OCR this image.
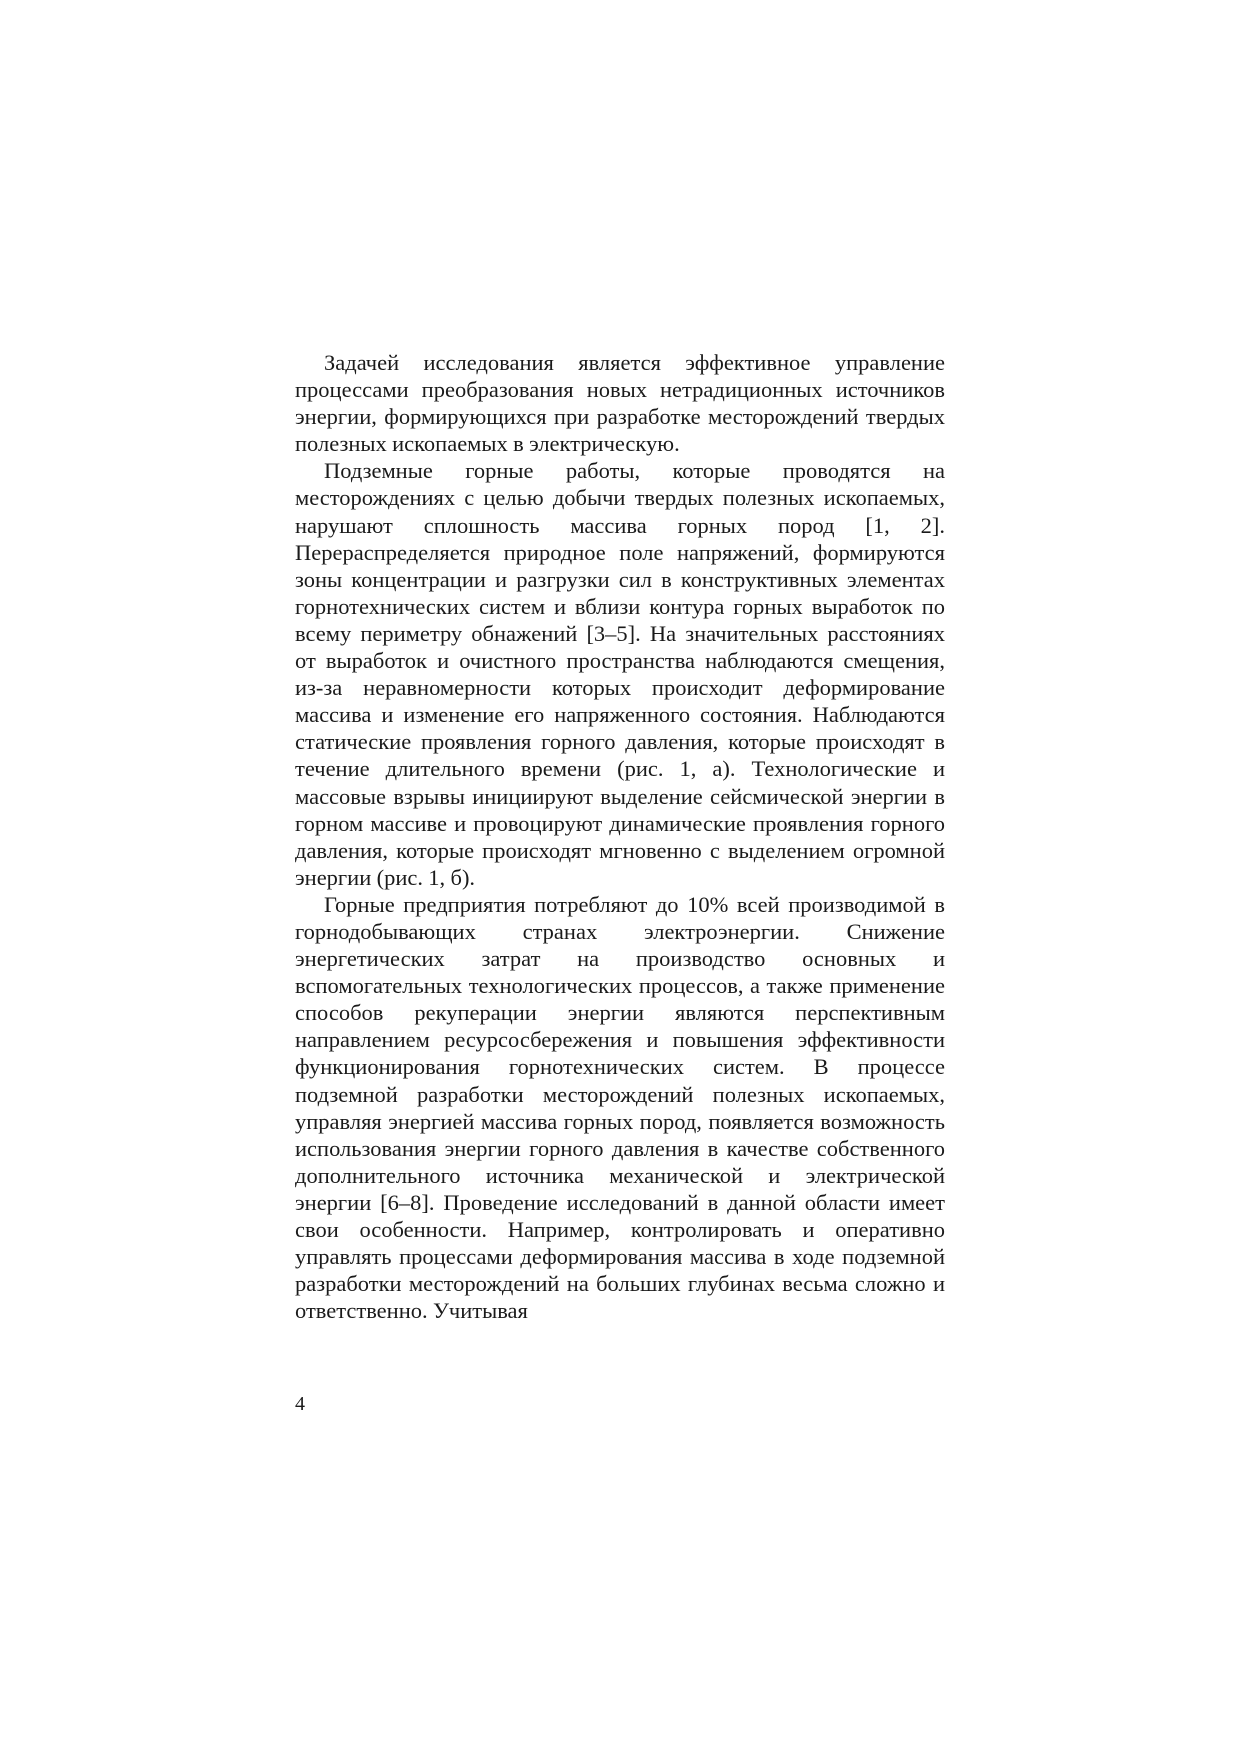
Задачей исследования является эффективное управление процессами преобразования новых нетрадиционных источников энергии, формирующихся при разработке месторождений твердых полезных ископаемых в электрическую.

Подземные горные работы, которые проводятся на месторождениях с целью добычи твердых полезных ископаемых, нарушают сплошность массива горных пород [1, 2]. Перераспределяется природное поле напряжений, формируются зоны концентрации и разгрузки сил в конструктивных элементах горнотехнических систем и вблизи контура горных выработок по всему периметру обнажений [3–5]. На значительных расстояниях от выработок и очистного пространства наблюдаются смещения, из-за неравномерности которых происходит деформирование массива и изменение его напряженного состояния. Наблюдаются статические проявления горного давления, которые происходят в течение длительного времени (рис. 1, а). Технологические и массовые взрывы инициируют выделение сейсмической энергии в горном массиве и провоцируют динамические проявления горного давления, которые происходят мгновенно с выделением огромной энергии (рис. 1, б).

Горные предприятия потребляют до 10% всей производимой в горнодобывающих странах электроэнергии. Снижение энергетических затрат на производство основных и вспомогательных технологических процессов, а также применение способов рекуперации энергии являются перспективным направлением ресурсосбережения и повышения эффективности функционирования горнотехнических систем. В процессе подземной разработки месторождений полезных ископаемых, управляя энергией массива горных пород, появляется возможность использования энергии горного давления в качестве собственного дополнительного источника механической и электрической энергии [6–8]. Проведение исследований в данной области имеет свои особенности. Например, контролировать и оперативно управлять процессами деформирования массива в ходе подземной разработки месторождений на больших глубинах весьма сложно и ответственно. Учитывая

4
